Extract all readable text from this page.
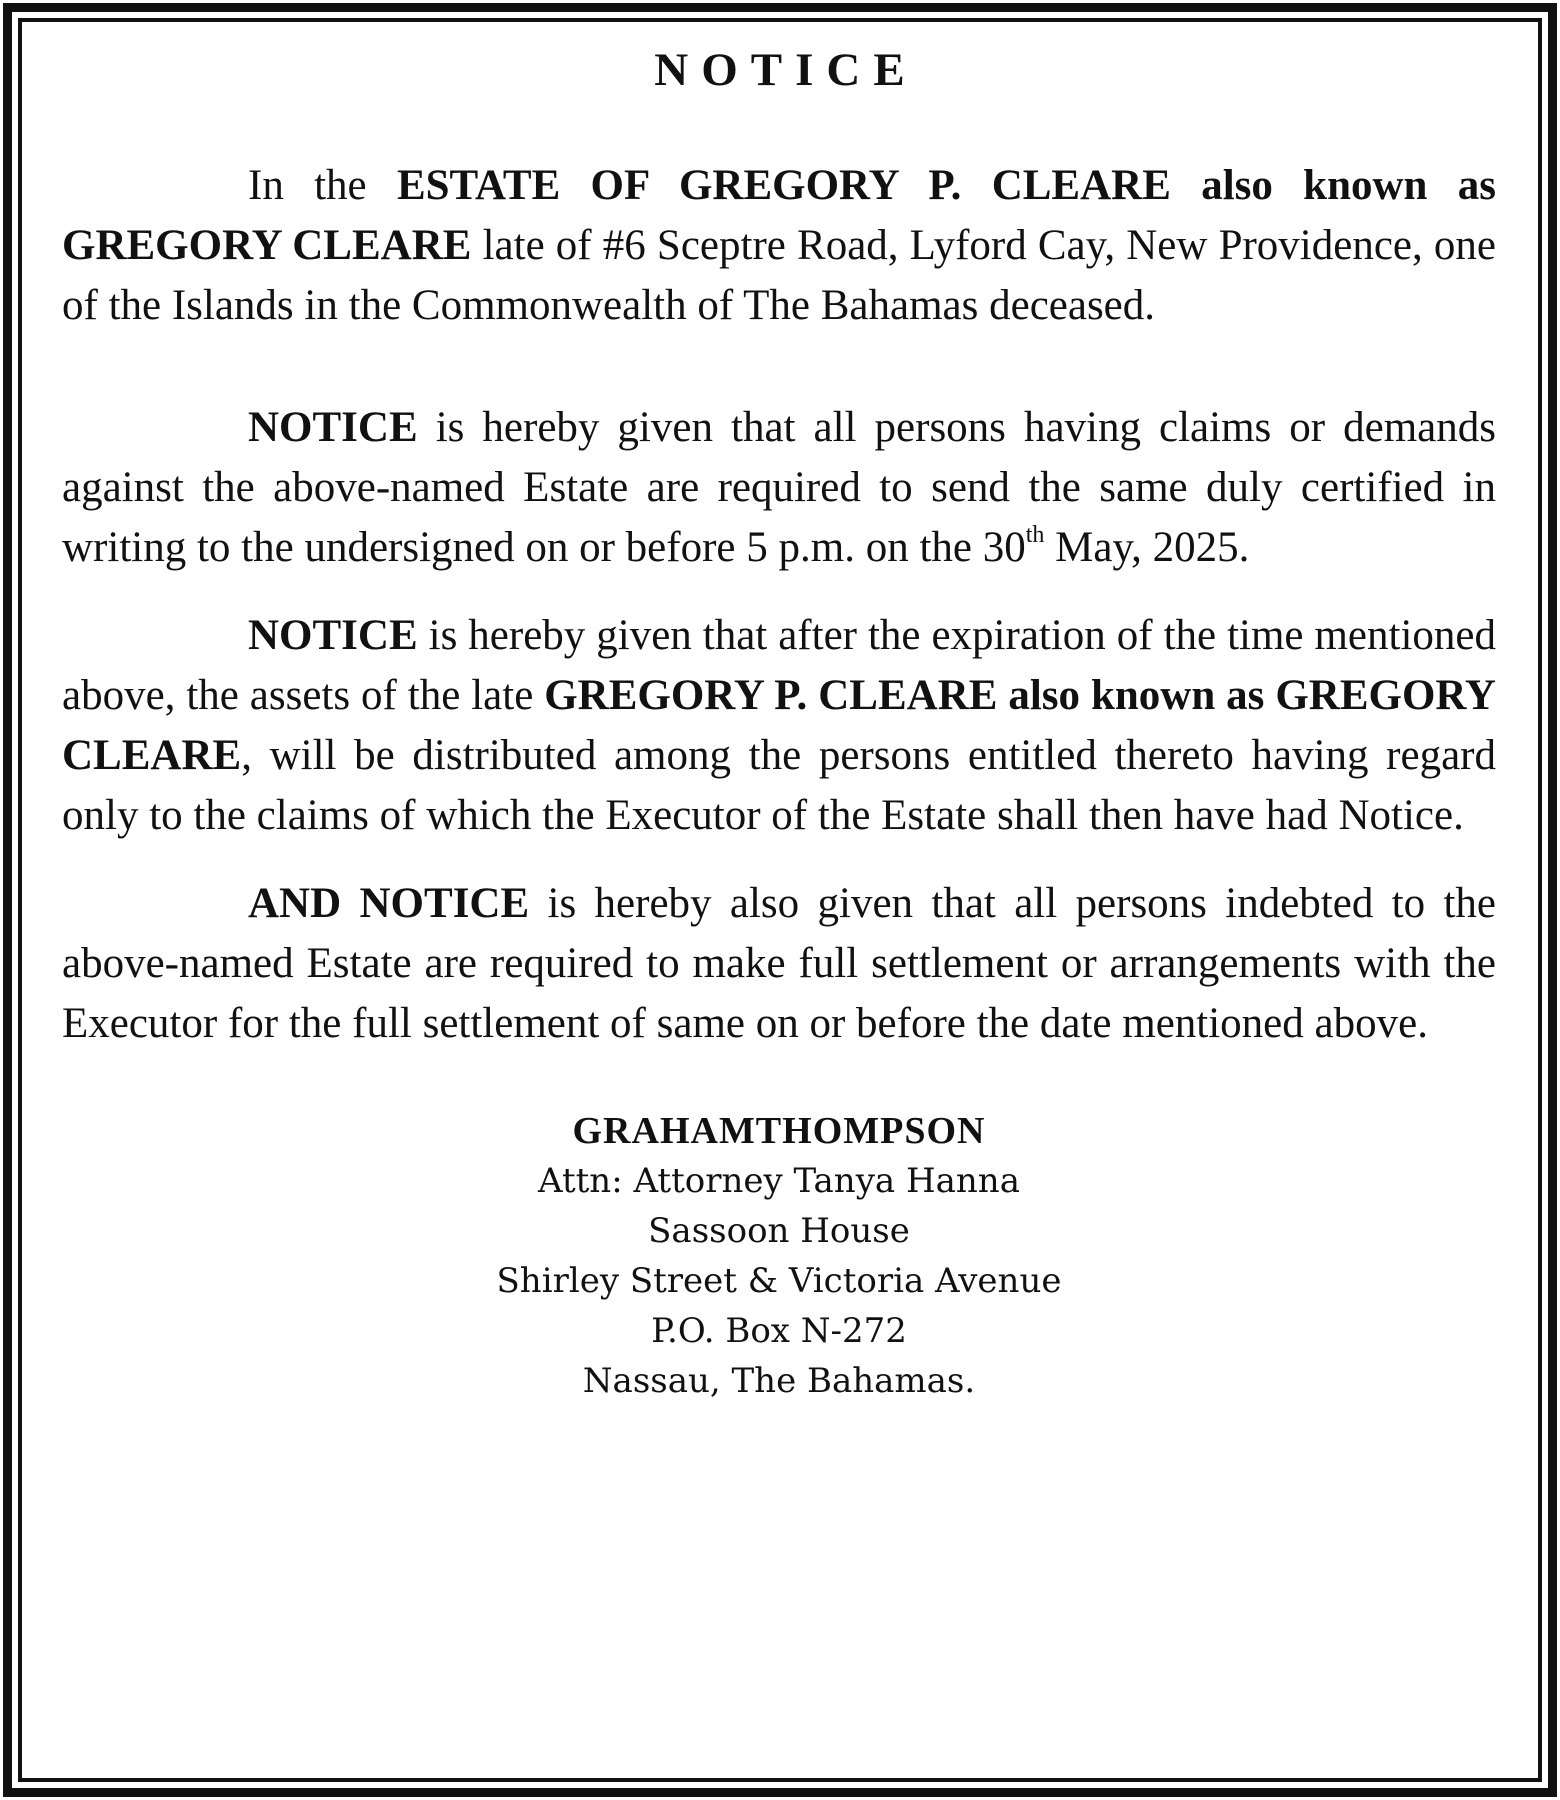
NOTICE

In the ESTATE OF GREGORY P. CLEARE also known as GREGORY CLEARE late of #6 Sceptre Road, Lyford Cay, New Providence, one of the Islands in the Commonwealth of The Bahamas deceased.

NOTICE is hereby given that all persons having claims or demands against the above-named Estate are required to send the same duly certified in writing to the undersigned on or before 5 p.m. on the 30th May, 2025.

NOTICE is hereby given that after the expiration of the time mentioned above, the assets of the late GREGORY P. CLEARE also known as GREGORY CLEARE, will be distributed among the persons entitled thereto having regard only to the claims of which the Executor of the Estate shall then have had Notice.

AND NOTICE is hereby also given that all persons indebted to the above-named Estate are required to make full settlement or arrangements with the Executor for the full settlement of same on or before the date mentioned above.

GRAHAMTHOMPSON
Attn: Attorney Tanya Hanna
Sassoon House
Shirley Street & Victoria Avenue
P.O. Box N-272
Nassau, The Bahamas.
